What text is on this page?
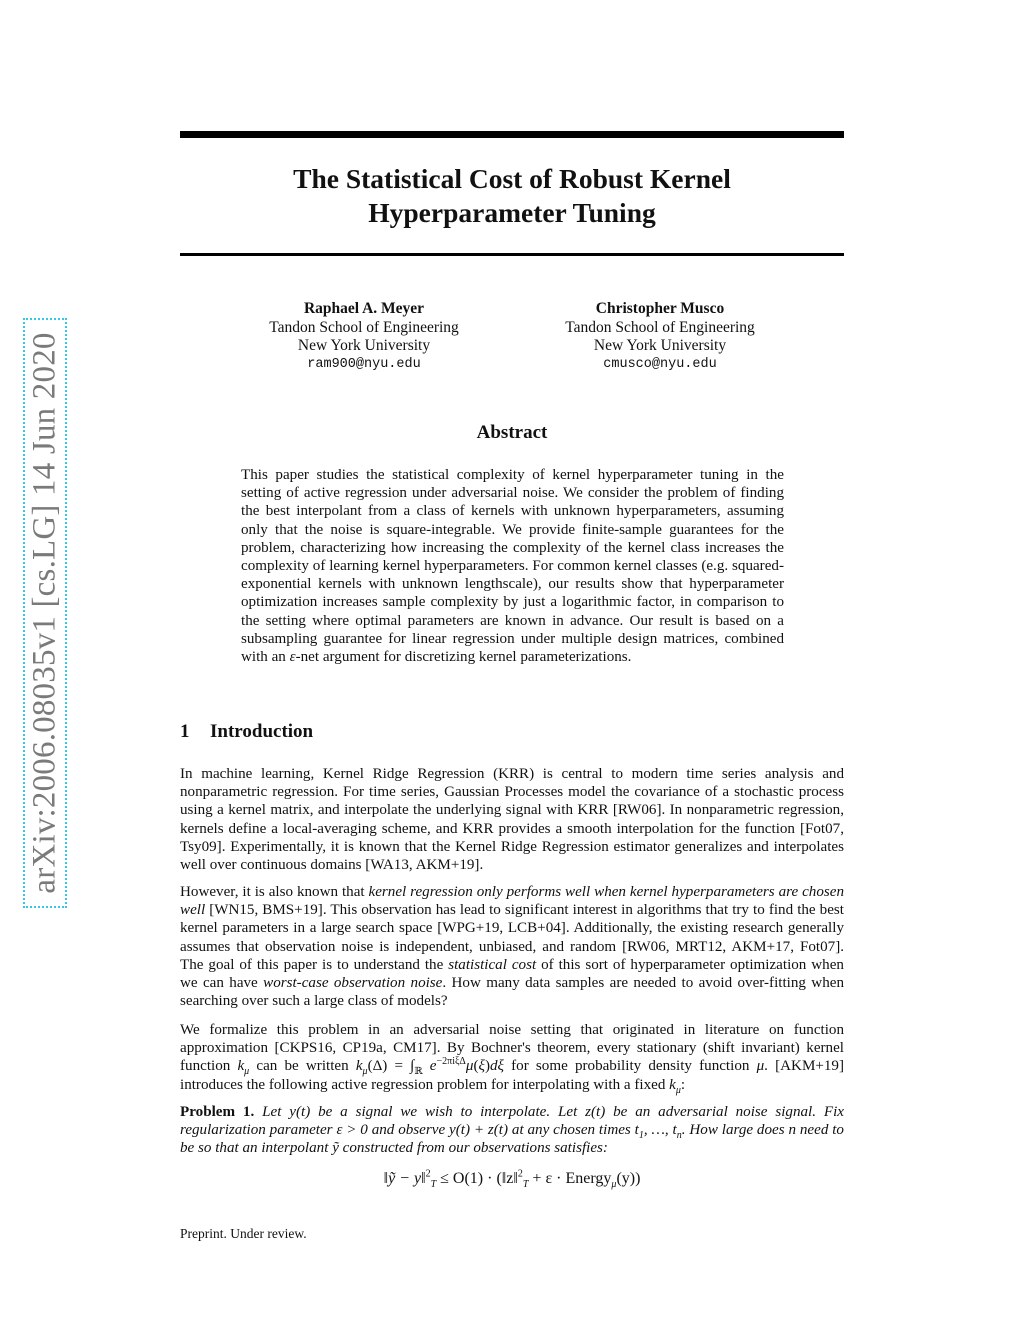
arXiv:2006.08035v1 [cs.LG] 14 Jun 2020
The Statistical Cost of Robust Kernel
Hyperparameter Tuning
Raphael A. Meyer
Tandon School of Engineering
New York University
ram900@nyu.edu
Christopher Musco
Tandon School of Engineering
New York University
cmusco@nyu.edu
Abstract
This paper studies the statistical complexity of kernel hyperparameter tuning in the setting of active regression under adversarial noise. We consider the problem of finding the best interpolant from a class of kernels with unknown hyperparameters, assuming only that the noise is square-integrable. We provide finite-sample guarantees for the problem, characterizing how increasing the complexity of the kernel class increases the complexity of learning kernel hyperparameters. For common kernel classes (e.g. squared-exponential kernels with unknown lengthscale), our results show that hyperparameter optimization increases sample complexity by just a logarithmic factor, in comparison to the setting where optimal parameters are known in advance. Our result is based on a subsampling guarantee for linear regression under multiple design matrices, combined with an ε-net argument for discretizing kernel parameterizations.
1 Introduction
In machine learning, Kernel Ridge Regression (KRR) is central to modern time series analysis and nonparametric regression. For time series, Gaussian Processes model the covariance of a stochastic process using a kernel matrix, and interpolate the underlying signal with KRR [RW06]. In nonparametric regression, kernels define a local-averaging scheme, and KRR provides a smooth interpolation for the function [Fot07, Tsy09]. Experimentally, it is known that the Kernel Ridge Regression estimator generalizes and interpolates well over continuous domains [WA13, AKM+19].
However, it is also known that kernel regression only performs well when kernel hyperparameters are chosen well [WN15, BMS+19]. This observation has lead to significant interest in algorithms that try to find the best kernel parameters in a large search space [WPG+19, LCB+04]. Additionally, the existing research generally assumes that observation noise is independent, unbiased, and random [RW06, MRT12, AKM+17, Fot07]. The goal of this paper is to understand the statistical cost of this sort of hyperparameter optimization when we can have worst-case observation noise. How many data samples are needed to avoid over-fitting when searching over such a large class of models?
We formalize this problem in an adversarial noise setting that originated in literature on function approximation [CKPS16, CP19a, CM17]. By Bochner's theorem, every stationary (shift invariant) kernel function $k_\mu$ can be written $k_\mu(\Delta) = \int_ℝ$ $e^{-2\pi i\xi\Delta}\mu(\xi)d\xi$ for some probability density function μ. [AKM+19] introduces the following active regression problem for interpolating with a fixed $k_\mu$:
Problem 1. Let y(t) be a signal we wish to interpolate. Let z(t) be an adversarial noise signal. Fix regularization parameter ε > 0 and observe y(t) + z(t) at any chosen times $t_1$, …, $t_n$. How large does n need to be so that an interpolant ỹ constructed from our observations satisfies:
‖ỹ − y‖$^2_T$ ≤ O(1) · (‖z‖$^2_T$ + ε · Energy$_\mu$(y))
Preprint. Under review.
